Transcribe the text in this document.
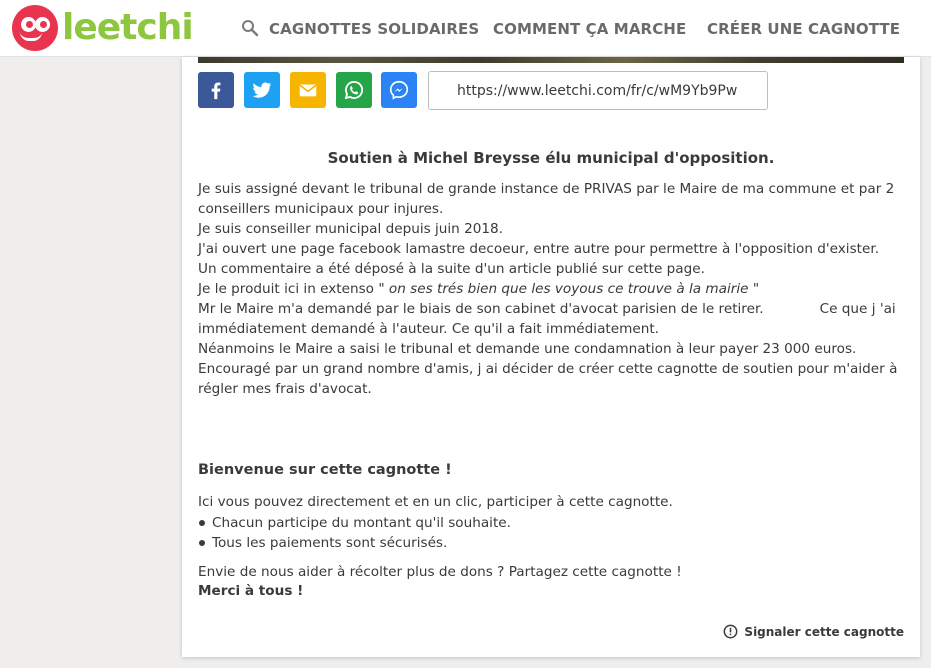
leetchi	CAGNOTTES SOLIDAIRES COMMENT ÇA MARCHE CRÉER UNE CAGNOTTE
https://www.leetchi.com/fr/c/wM9Yb9Pw
Soutien à Michel Breysse élu municipal d'opposition.

Je suis assigné devant le tribunal de grande instance de PRIVAS par le Maire de ma commune et par 2

conseillers municipaux pour injures.

Je suis conseiller municipal depuis juin 2018.

J'ai ouvert une page facebook lamastre decoeur, entre autre pour permettre à l'opposition d'exister.

Un commentaire a été déposé à la suite d'un article publié sur cette page.

Je le produit ici in extenso " on ses trés bien que les voyous ce trouve à la mairie "

Mr le Maire m'a demandé par le biais de son cabinet d'avocat parisien de le retirer.	Ce que j 'ai

immédiatement demandé à l'auteur. Ce qu'il a fait immédiatement.

Néanmoins le Maire a saisi le tribunal et demande une condamnation à leur payer 23 000 euros.

Encouragé par un grand nombre d'amis, j ai décider de créer cette cagnotte de soutien pour m'aider à

régler mes frais d'avocat.

Bienvenue sur cette cagnotte !

Ici vous pouvez directement et en un clic, participer à cette cagnotte.

Chacun participe du montant qu'il souhaite.
Tous les paiements sont sécurisés.

Envie de nous aider à récolter plus de dons ? Partagez cette cagnotte !

Merci à tous !

Signaler cette cagnotte
